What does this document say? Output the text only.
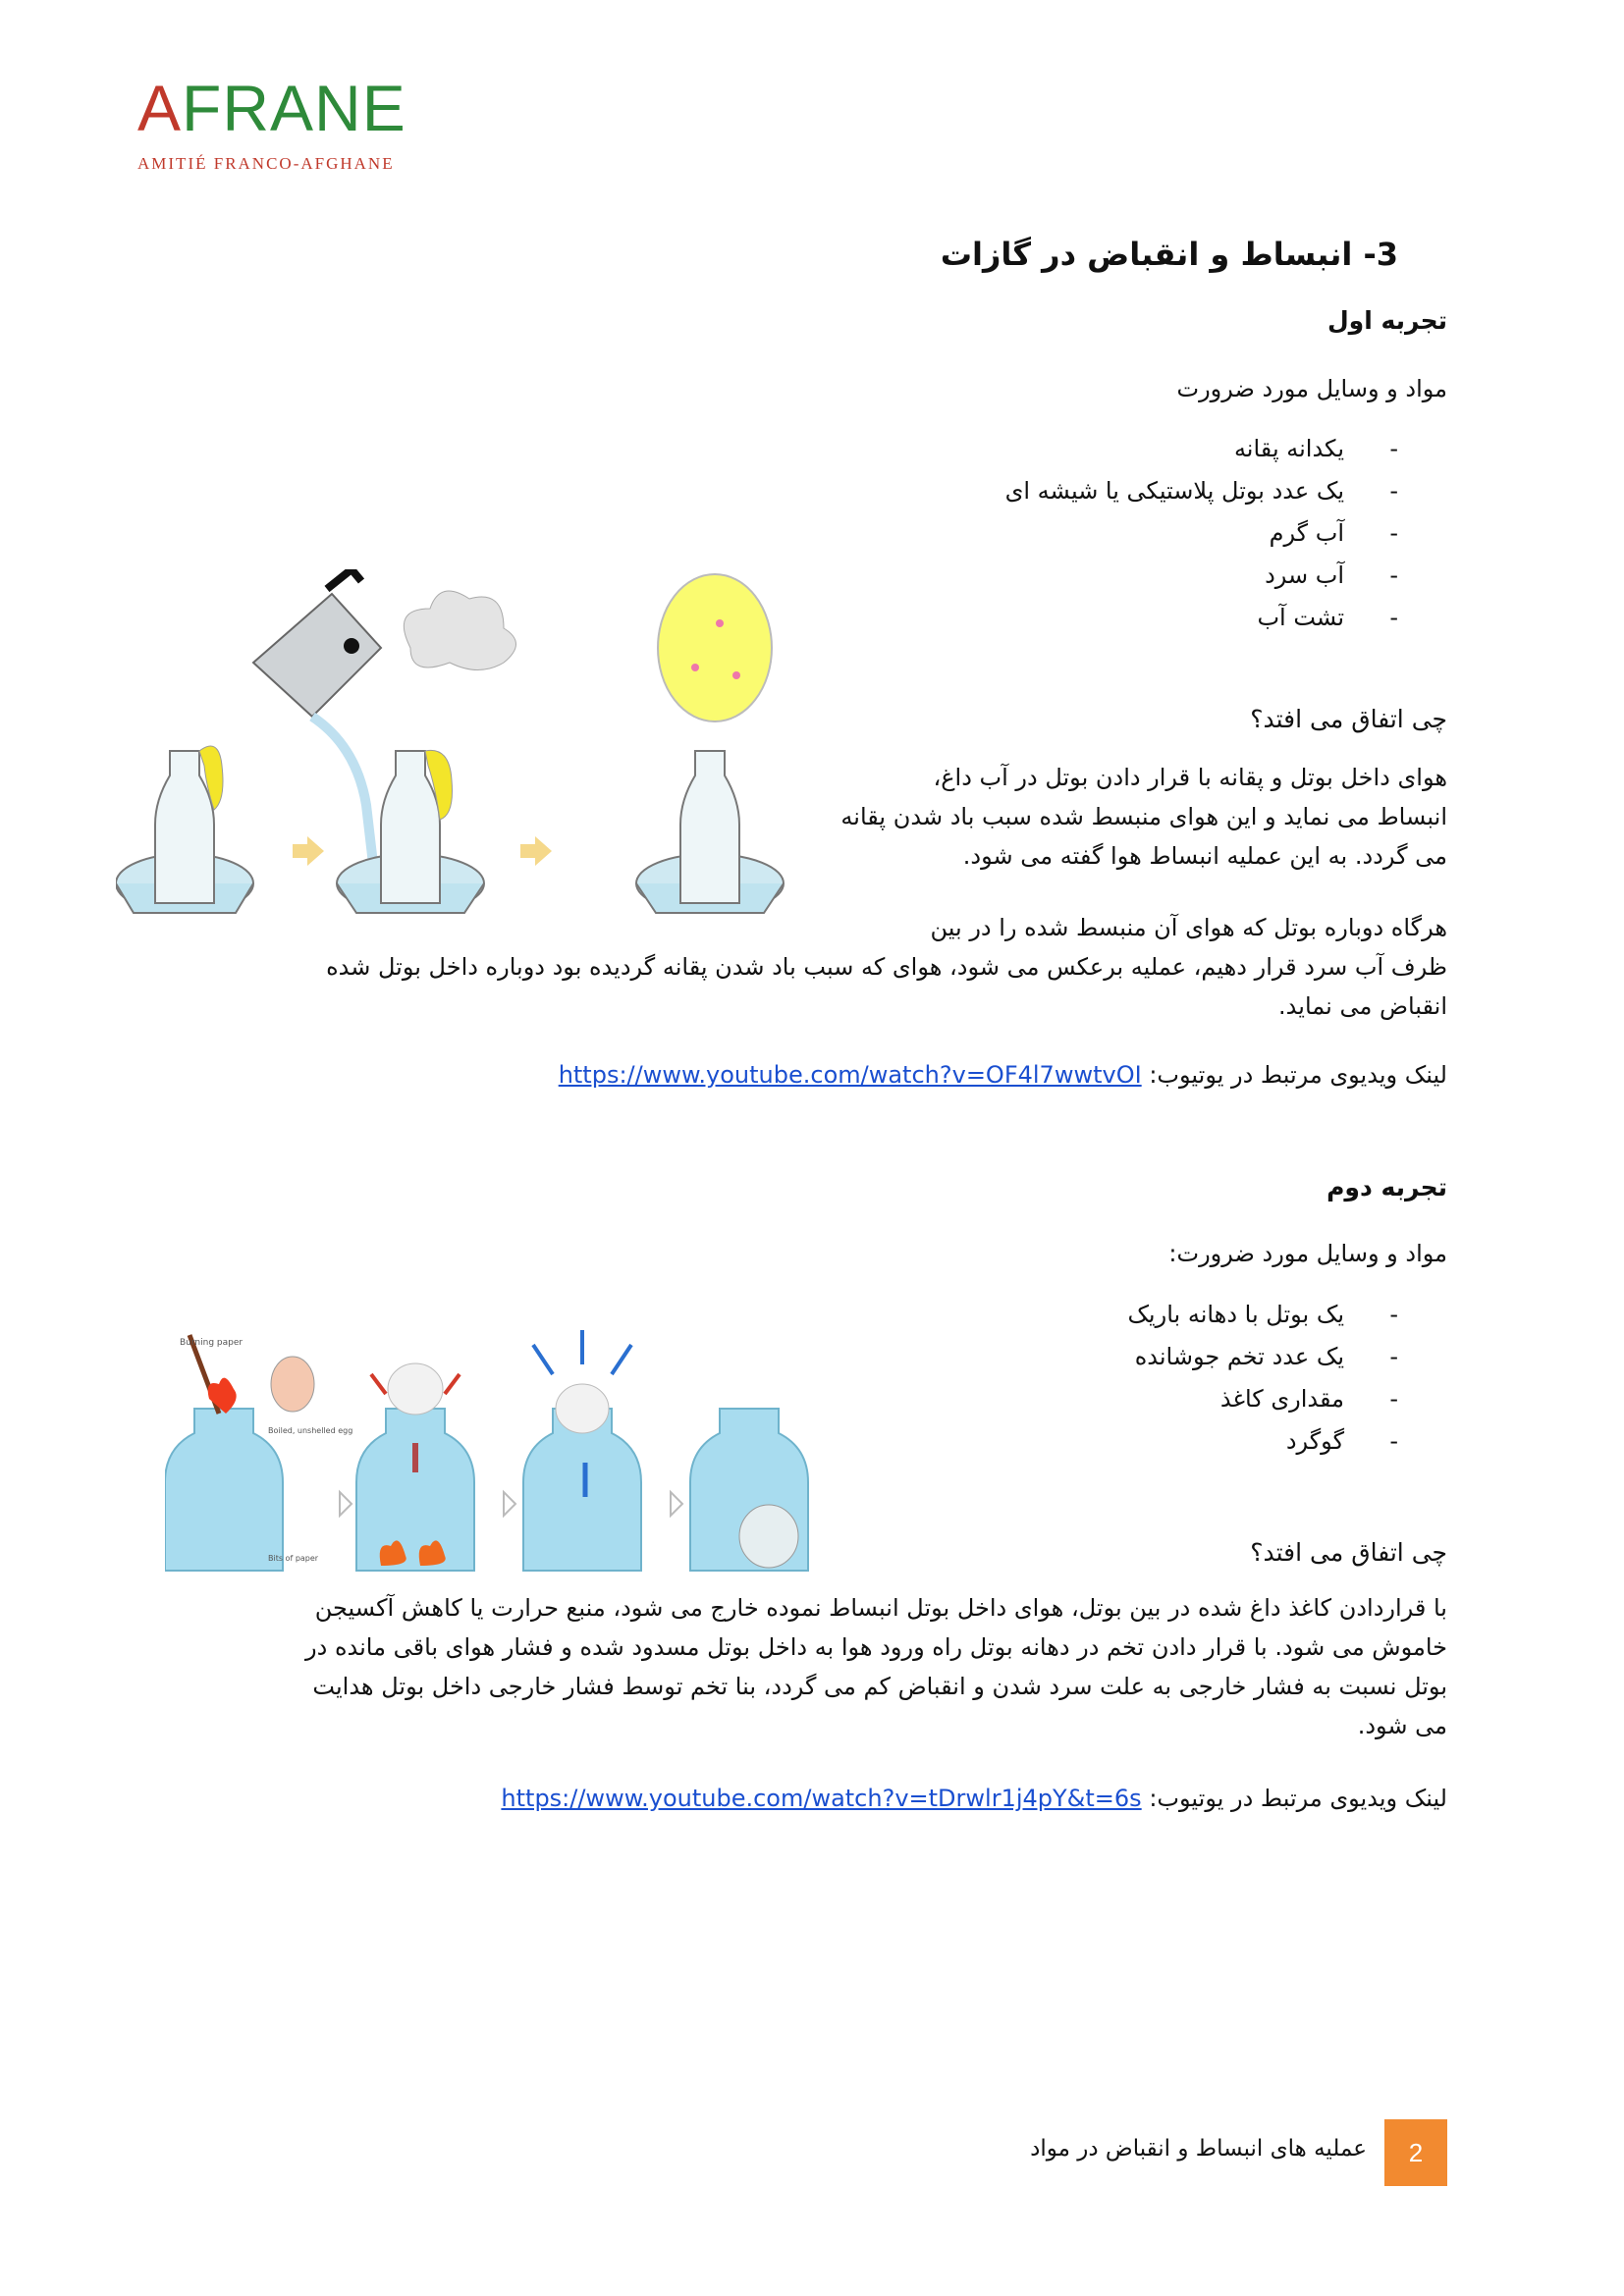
AFRANE
AMITIÉ FRANCO-AFGHANE
3- انبساط و انقباض در گازات
تجربه اول
مواد و وسایل مورد ضرورت
-یکدانه پقانه
-یک عدد بوتل پلاستیکی یا شیشه ای
-آب گرم
-آب سرد
-تشت آب
چی اتفاق می افتد؟
هوای داخل بوتل و پقانه با قرار دادن بوتل در آب داغ،
انبساط می نماید و این هوای منبسط شده سبب باد شدن پقانه
می گردد. به این عملیه انبساط هوا گفته می شود.
هرگاه دوباره بوتل که هوای آن منبسط شده را در بین
ظرف آب سرد قرار دهیم، عملیه برعکس می شود، هوای که سبب باد شدن پقانه گردیده بود دوباره داخل بوتل شده
انقباض می نماید.
لینک ویدیوی مرتبط در یوتیوب: https://www.youtube.com/watch?v=OF4l7wwtvOI
تجربه دوم
مواد و وسایل مورد ضرورت:
-یک بوتل با دهانه باریک
-یک عدد تخم جوشانده
-مقداری کاغذ
-گوگرد
Burning paper
Boiled, unshelled egg
Bits of paper	چی اتفاق می افتد؟
با قراردادن کاغذ داغ شده در بین بوتل، هوای داخل بوتل انبساط نموده خارج می شود، منبع حرارت یا کاهش آکسیجن
خاموش می شود. با قرار دادن تخم در دهانه بوتل راه ورود هوا به داخل بوتل مسدود شده و فشار هوای باقی مانده در
بوتل نسبت به فشار خارجی به علت سرد شدن و انقباض کم می گردد، بنا تخم توسط فشار خارجی داخل بوتل هدایت
می شود.
لینک ویدیوی مرتبط در یوتیوب: https://www.youtube.com/watch?v=tDrwlr1j4pY&t=6s
عملیه های انبساط و انقباض در مواد	2
